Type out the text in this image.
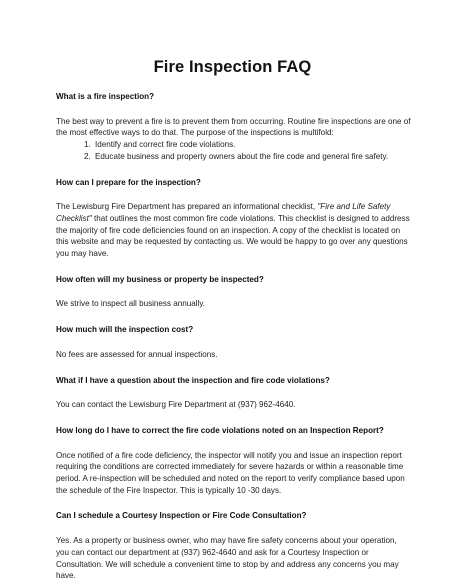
Fire Inspection FAQ

What is a fire inspection?

The best way to prevent a fire is to prevent them from occurring. Routine fire inspections are one of the most effective ways to do that. The purpose of the inspections is multifold:

1. Identify and correct fire code violations.
2. Educate business and property owners about the fire code and general fire safety.

How can I prepare for the inspection?

The Lewisburg Fire Department has prepared an informational checklist, "Fire and Life Safety Checklist" that outlines the most common fire code violations. This checklist is designed to address the majority of fire code deficiencies found on an inspection. A copy of the checklist is located on this website and may be requested by contacting us. We would be happy to go over any questions you may have.

How often will my business or property be inspected?

We strive to inspect all business annually.

How much will the inspection cost?

No fees are assessed for annual inspections.

What if I have a question about the inspection and fire code violations?

You can contact the Lewisburg Fire Department at (937) 962-4640.

How long do I have to correct the fire code violations noted on an Inspection Report?

Once notified of a fire code deficiency, the inspector will notify you and issue an inspection report requiring the conditions are corrected immediately for severe hazards or within a reasonable time period. A re-inspection will be scheduled and noted on the report to verify compliance based upon the schedule of the Fire Inspector. This is typically 10 -30 days.

Can I schedule a Courtesy Inspection or Fire Code Consultation?

Yes. As a property or business owner, who may have fire safety concerns about your operation, you can contact our department at (937) 962-4640 and ask for a Courtesy Inspection or Consultation. We will schedule a convenient time to stop by and address any concerns you may have.
